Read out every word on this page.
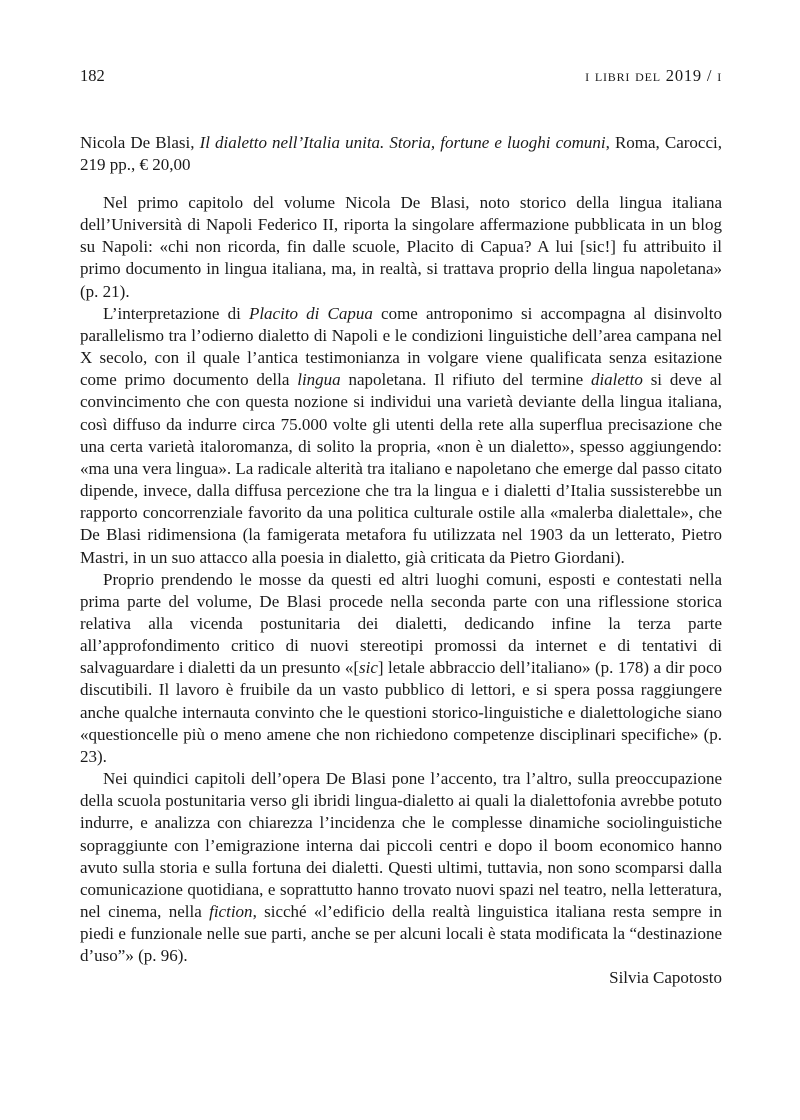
182	i libri del 2019 / i
Nicola De Blasi, Il dialetto nell’Italia unita. Storia, fortune e luoghi comuni, Roma, Carocci, 219 pp., € 20,00

Nel primo capitolo del volume Nicola De Blasi, noto storico della lingua italiana dell’Università di Napoli Federico II, riporta la singolare affermazione pubblicata in un blog su Napoli: «chi non ricorda, fin dalle scuole, Placito di Capua? A lui [sic!] fu attribuito il primo documento in lingua italiana, ma, in realtà, si trattava proprio della lingua napoletana» (p. 21).

L’interpretazione di Placito di Capua come antroponimo si accompagna al disinvolto parallelismo tra l’odierno dialetto di Napoli e le condizioni linguistiche dell’area campana nel X secolo, con il quale l’antica testimonianza in volgare viene qualificata senza esitazione come primo documento della lingua napoletana. Il rifiuto del termine dialetto si deve al convincimento che con questa nozione si individui una varietà deviante della lingua italiana, così diffuso da indurre circa 75.000 volte gli utenti della rete alla superflua precisazione che una certa varietà italoromanza, di solito la propria, «non è un dialetto», spesso aggiungendo: «ma una vera lingua». La radicale alterità tra italiano e napoletano che emerge dal passo citato dipende, invece, dalla diffusa percezione che tra la lingua e i dialetti d’Italia sussisterebbe un rapporto concorrenziale favorito da una politica culturale ostile alla «malerba dialettale», che De Blasi ridimensiona (la famigerata metafora fu utilizzata nel 1903 da un letterato, Pietro Mastri, in un suo attacco alla poesia in dialetto, già criticata da Pietro Giordani).

Proprio prendendo le mosse da questi ed altri luoghi comuni, esposti e contestati nella prima parte del volume, De Blasi procede nella seconda parte con una riflessione storica relativa alla vicenda postunitaria dei dialetti, dedicando infine la terza parte all’approfondimento critico di nuovi stereotipi promossi da internet e di tentativi di salvaguardare i dialetti da un presunto «[sic] letale abbraccio dell’italiano» (p. 178) a dir poco discutibili. Il lavoro è fruibile da un vasto pubblico di lettori, e si spera possa raggiungere anche qualche internauta convinto che le questioni storico-linguistiche e dialettologiche siano «questioncelle più o meno amene che non richiedono competenze disciplinari specifiche» (p. 23).

Nei quindici capitoli dell’opera De Blasi pone l’accento, tra l’altro, sulla preoccupazione della scuola postunitaria verso gli ibridi lingua-dialetto ai quali la dialettofonia avrebbe potuto indurre, e analizza con chiarezza l’incidenza che le complesse dinamiche sociolinguistiche sopraggiunte con l’emigrazione interna dai piccoli centri e dopo il boom economico hanno avuto sulla storia e sulla fortuna dei dialetti. Questi ultimi, tuttavia, non sono scomparsi dalla comunicazione quotidiana, e soprattutto hanno trovato nuovi spazi nel teatro, nella letteratura, nel cinema, nella fiction, sicché «l’edificio della realtà linguistica italiana resta sempre in piedi e funzionale nelle sue parti, anche se per alcuni locali è stata modificata la “destinazione d’uso”» (p. 96).

Silvia Capotosto
